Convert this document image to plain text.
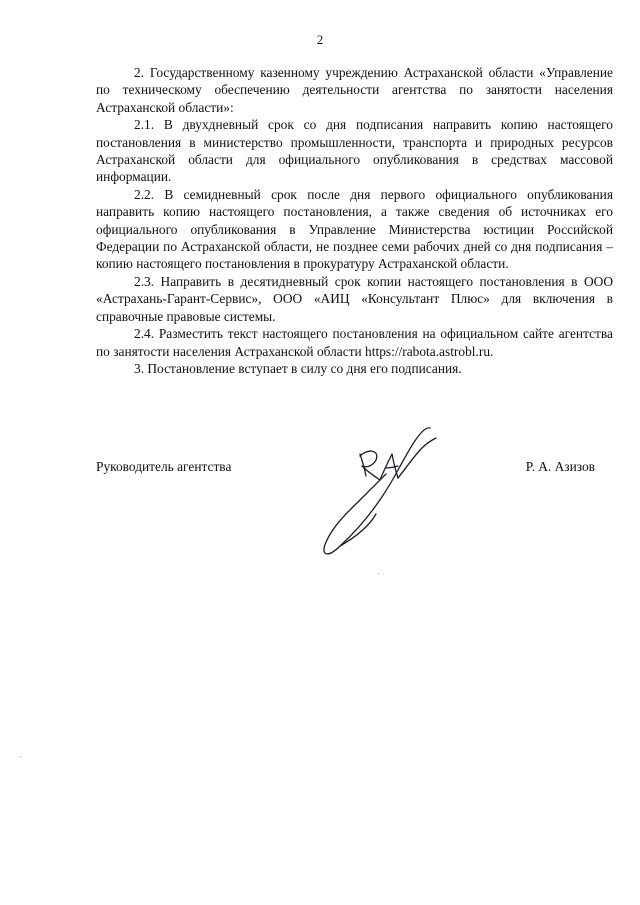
2

2. Государственному казенному учреждению Астраханской области «Управление по техническому обеспечению деятельности агентства по занятости населения Астраханской области»:

2.1. В двухдневный срок со дня подписания направить копию настоящего постановления в министерство промышленности, транспорта и природных ресурсов Астраханской области для официального опубликования в средствах массовой информации.

2.2. В семидневный срок после дня первого официального опубликования направить копию настоящего постановления, а также сведения об источниках его официального опубликования в Управление Министерства юстиции Российской Федерации по Астраханской области, не позднее семи рабочих дней со дня подписания – копию настоящего постановления в прокуратуру Астраханской области.

2.3. Направить в десятидневный срок копии настоящего постановления в ООО «Астрахань-Гарант-Сервис», ООО «АИЦ «Консультант Плюс» для включения в справочные правовые системы.

2.4. Разместить текст настоящего постановления на официальном сайте агентства по занятости населения Астраханской области https://rabota.astrobl.ru.

3. Постановление вступает в силу со дня его подписания.

Руководитель агентства	Р. А. Азизов
